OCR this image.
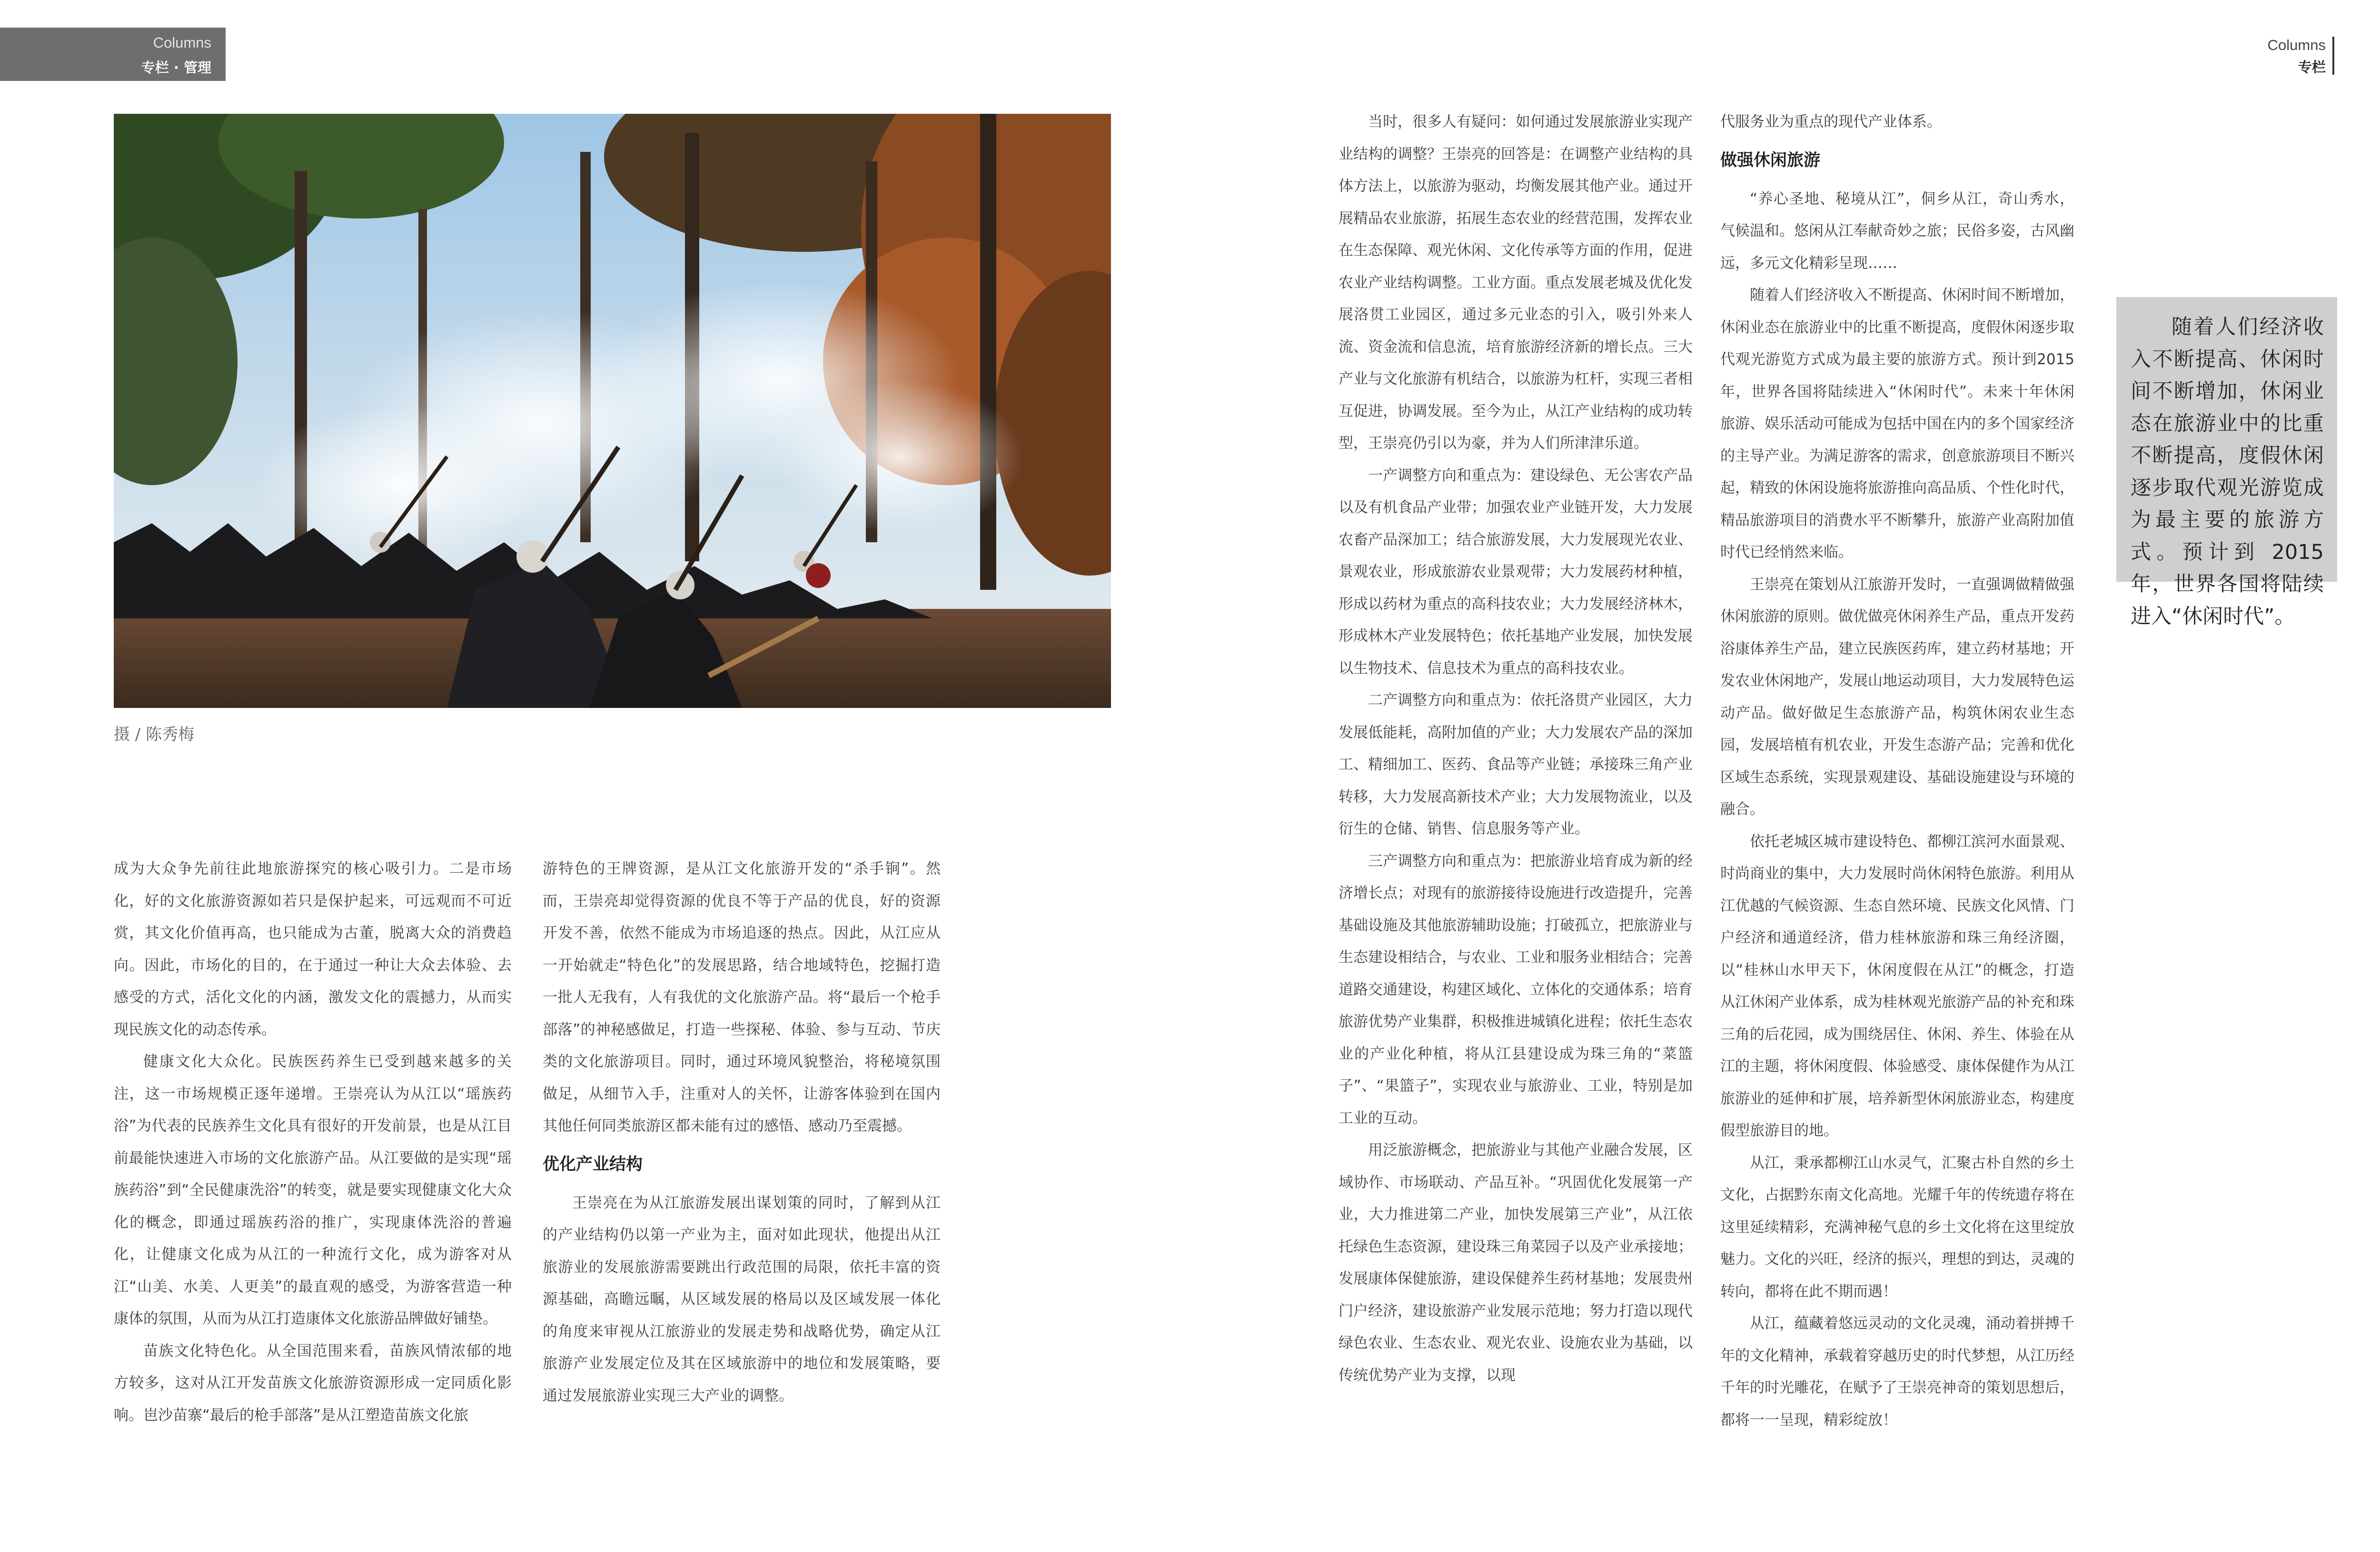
Columns
专栏 · 管理
Columns
专栏
摄 / 陈秀梅

成为大众争先前往此地旅游探究的核心吸引力。二是市场化，好的文化旅游资源如若只是保护起来，可远观而不可近赏，其文化价值再高，也只能成为古董，脱离大众的消费趋向。因此，市场化的目的，在于通过一种让大众去体验、去感受的方式，活化文化的内涵，激发文化的震撼力，从而实现民族文化的动态传承。

健康文化大众化。民族医药养生已受到越来越多的关注，这一市场规模正逐年递增。王崇亮认为从江以“瑶族药浴”为代表的民族养生文化具有很好的开发前景，也是从江目前最能快速进入市场的文化旅游产品。从江要做的是实现“瑶族药浴”到“全民健康洗浴”的转变，就是要实现健康文化大众化的概念，即通过瑶族药浴的推广，实现康体洗浴的普遍化，让健康文化成为从江的一种流行文化，成为游客对从江“山美、水美、人更美”的最直观的感受，为游客营造一种康体的氛围，从而为从江打造康体文化旅游品牌做好铺垫。

苗族文化特色化。从全国范围来看，苗族风情浓郁的地方较多，这对从江开发苗族文化旅游资源形成一定同质化影响。岜沙苗寨“最后的枪手部落”是从江塑造苗族文化旅

游特色的王牌资源，是从江文化旅游开发的“杀手锏”。然而，王崇亮却觉得资源的优良不等于产品的优良，好的资源开发不善，依然不能成为市场追逐的热点。因此，从江应从一开始就走“特色化”的发展思路，结合地域特色，挖掘打造一批人无我有，人有我优的文化旅游产品。将“最后一个枪手部落”的神秘感做足，打造一些探秘、体验、参与互动、节庆类的文化旅游项目。同时，通过环境风貌整治，将秘境氛围做足，从细节入手，注重对人的关怀，让游客体验到在国内其他任何同类旅游区都未能有过的感悟、感动乃至震撼。

优化产业结构

王崇亮在为从江旅游发展出谋划策的同时，了解到从江的产业结构仍以第一产业为主，面对如此现状，他提出从江旅游业的发展旅游需要跳出行政范围的局限，依托丰富的资源基础，高瞻远瞩，从区域发展的格局以及区域发展一体化的角度来审视从江旅游业的发展走势和战略优势，确定从江旅游产业发展定位及其在区域旅游中的地位和发展策略，要通过发展旅游业实现三大产业的调整。

当时，很多人有疑问：如何通过发展旅游业实现产业结构的调整？王崇亮的回答是：在调整产业结构的具体方法上，以旅游为驱动，均衡发展其他产业。通过开展精品农业旅游，拓展生态农业的经营范围，发挥农业在生态保障、观光休闲、文化传承等方面的作用，促进农业产业结构调整。工业方面。重点发展老城及优化发展洛贯工业园区，通过多元业态的引入，吸引外来人流、资金流和信息流，培育旅游经济新的增长点。三大产业与文化旅游有机结合，以旅游为杠杆，实现三者相互促进，协调发展。至今为止，从江产业结构的成功转型，王崇亮仍引以为豪，并为人们所津津乐道。

一产调整方向和重点为：建设绿色、无公害农产品以及有机食品产业带；加强农业产业链开发，大力发展农畜产品深加工；结合旅游发展，大力发展现光农业、景观农业，形成旅游农业景观带；大力发展药材种植，形成以药材为重点的高科技农业；大力发展经济林木，形成林木产业发展特色；依托基地产业发展，加快发展以生物技术、信息技术为重点的高科技农业。

二产调整方向和重点为：依托洛贯产业园区，大力发展低能耗，高附加值的产业；大力发展农产品的深加工、精细加工、医药、食品等产业链；承接珠三角产业转移，大力发展高新技术产业；大力发展物流业，以及衍生的仓储、销售、信息服务等产业。

三产调整方向和重点为：把旅游业培育成为新的经济增长点；对现有的旅游接待设施进行改造提升，完善基础设施及其他旅游辅助设施；打破孤立，把旅游业与生态建设相结合，与农业、工业和服务业相结合；完善道路交通建设，构建区域化、立体化的交通体系；培育旅游优势产业集群，积极推进城镇化进程；依托生态农业的产业化种植，将从江县建设成为珠三角的“菜篮子”、“果篮子”，实现农业与旅游业、工业，特别是加工业的互动。

用泛旅游概念，把旅游业与其他产业融合发展，区域协作、市场联动、产品互补。“巩固优化发展第一产业，大力推进第二产业，加快发展第三产业”，从江依托绿色生态资源，建设珠三角菜园子以及产业承接地；发展康体保健旅游，建设保健养生药材基地；发展贵州门户经济，建设旅游产业发展示范地；努力打造以现代绿色农业、生态农业、观光农业、设施农业为基础，以传统优势产业为支撑，以现

代服务业为重点的现代产业体系。

做强休闲旅游

“养心圣地、秘境从江”，侗乡从江，奇山秀水，气候温和。悠闲从江奉献奇妙之旅；民俗多姿，古风幽远，多元文化精彩呈现……

随着人们经济收入不断提高、休闲时间不断增加，休闲业态在旅游业中的比重不断提高，度假休闲逐步取代观光游览方式成为最主要的旅游方式。预计到2015年，世界各国将陆续进入“休闲时代”。未来十年休闲旅游、娱乐活动可能成为包括中国在内的多个国家经济的主导产业。为满足游客的需求，创意旅游项目不断兴起，精致的休闲设施将旅游推向高品质、个性化时代，精品旅游项目的消费水平不断攀升，旅游产业高附加值时代已经悄然来临。

王崇亮在策划从江旅游开发时，一直强调做精做强休闲旅游的原则。做优做亮休闲养生产品，重点开发药浴康体养生产品，建立民族医药库，建立药材基地；开发农业休闲地产，发展山地运动项目，大力发展特色运动产品。做好做足生态旅游产品，构筑休闲农业生态园，发展培植有机农业，开发生态游产品；完善和优化区域生态系统，实现景观建设、基础设施建设与环境的融合。

依托老城区城市建设特色、都柳江滨河水面景观、时尚商业的集中，大力发展时尚休闲特色旅游。利用从江优越的气候资源、生态自然环境、民族文化风情、门户经济和通道经济，借力桂林旅游和珠三角经济圈，以“桂林山水甲天下，休闲度假在从江”的概念，打造从江休闲产业体系，成为桂林观光旅游产品的补充和珠三角的后花园，成为围绕居住、休闲、养生、体验在从江的主题，将休闲度假、体验感受、康体保健作为从江旅游业的延伸和扩展，培养新型休闲旅游业态，构建度假型旅游目的地。

从江，秉承都柳江山水灵气，汇聚古朴自然的乡土文化，占据黔东南文化高地。光耀千年的传统遗存将在这里延续精彩，充满神秘气息的乡土文化将在这里绽放魅力。文化的兴旺，经济的振兴，理想的到达，灵魂的转向，都将在此不期而遇！

从江，蕴藏着悠远灵动的文化灵魂，涌动着拼搏千年的文化精神，承载着穿越历史的时代梦想，从江历经千年的时光雕花，在赋予了王崇亮神奇的策划思想后，都将一一呈现，精彩绽放！

随着人们经济收入不断提高、休闲时间不断增加，休闲业态在旅游业中的比重不断提高，度假休闲逐步取代观光游览成为最主要的旅游方式。预计到 2015 年，世界各国将陆续进入“休闲时代”。
